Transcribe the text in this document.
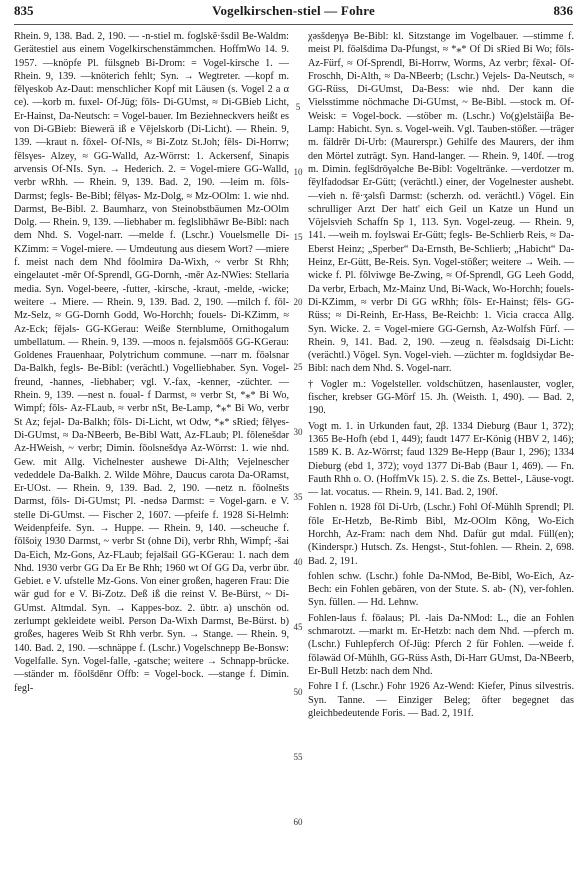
835	Vogelkirschen-stiel — Fohre	836

Rhein. 9, 138. Bad. 2, 190. — -n-stiel m. foglskĕ·šsdil Be-Waldm: Gerätestiel aus einem Vogelkirschenstämmchen. HoffmWo 14. 9. 1957. —knöpfe Pl. fülsgneb Bi-Drom: = Vogel-kirsche 1. — Rhein. 9, 139. —knöterich fehlt; Syn. → Wegtreter. —kopf m. fēlγeskob Az-Daut: menschlicher Kopf mit Läusen (s. Vogel 2 a α ce). —korb m. fuxel- Of-Jüg; fōls- Di-GUmst, ≈ Di-GBieb Licht, Er-Hainst, Da-Neutsch: = Vogel-bauer. Im Beziehneckvers heißt es von Di-GBieb: Biewerä iß e Vējelskorb (Di-Licht). — Rhein. 9, 139. —kraut n. fōxel- Of-NIs, ≈ Bi-Zotz St.Joh; fēls- Di-Horrw; fēlsγes- Alzey, ≈ GG-Walld, Az-Wörrst: 1. Ackersenf, Sinapis arvensis Of-NIs. Syn. → Hederich. 2. = Vogel-miere GG-Walld, verbr wRhh. — Rhein. 9, 139. Bad. 2, 190. —leim m. fōls- Darmst; fegls- Be-Bibl; fēlγəs- Mz-Dolg, ≈ Mz-OOlm: 1. wie nhd. Darmst, Be-Bibl. 2. Baumharz, von Steinobstbäumen Mz-OOlm Dolg. — Rhein. 9, 139. —liebhaber m. feglslibhāwr Be-Bibl: nach dem Nhd. S. Vogel-narr. —melde f. (Lschr.) Vouelsmelle Di-KZimm: = Vogel-miere. — Umdeutung aus diesem Wort? —miere f. meist nach dem Nhd fōolmirə Da-Wixh, ~ verbr St Rhh; eingelautet -mēr Of-Sprendl, GG-Dornh, -mēr Az-NWies: Stellaria media. Syn. Vogel-beere, -futter, -kirsche, -kraut, -melde, -wicke; weitere → Miere. — Rhein. 9, 139. Bad. 2, 190. —milch f. fōl- Mz-Selz, ≈ GG-Dornh Godd, Wo-Horchh; fouels- Di-KZimm, ≈ Az-Eck; fējəls- GG-KGerau: Weiße Sternblume, Ornithogalum umbellatum. — Rhein. 9, 139. —moos n. fejəlsmōōš GG-KGerau: Goldenes Frauenhaar, Polytrichum commune. —narr m. fōəlsnar Da-Balkh, fegls- Be-Bibl: (verächtl.) Vogelliebhaber. Syn. Vogel-freund, -hannes, -liebhaber; vgl. V.-fax, -kenner, -züchter. — Rhein. 9, 139. —nest n. fouəl- f Darmst, ≈ verbr St, *⁎* Bi Wo, Wimpf; fōls- Az-FLaub, ≈ verbr nSt, Be-Lamp, *⁎* Bi Wo, verbr St Az; fejəl- Da-Balkh; fōls- Di-Licht, wt Odw, *⁎* sRied; fēlγes- Di-GUmst, ≈ Da-NBeerb, Be-Bibl Watt, Az-FLaub; Pl. fōlenešdər Az-HWeish, ~ verbr; Dimin. fōolsnešdγə Az-Wörrst: 1. wie nhd. Gew. mit Allg. Vichelnester aushewe Di-Alth; Vejelnescher vededdele Da-Balkh. 2. Wilde Möhre, Daucus carota Da-ORamst, Er-UOst. — Rhein. 9, 139. Bad. 2, 190. —netz n. fōolnešts Darmst, fōls- Di-GUmst; Pl. -nedsə Darmst: = Vogel-garn. e V. stelle Di-GUmst. — Fischer 2, 1607. —pfeife f. 1928 Si-Helmh: Weidenpfeife. Syn. → Huppe. — Rhein. 9, 140. —scheuche f. fōlšoiχ 1930 Darmst, ~ verbr St (ohne Di), verbr Rhh, Wimpf; -šai Da-Eich, Mz-Gons, Az-FLaub; fejəlšail GG-KGerau: 1. nach dem Nhd. 1930 verbr GG Da Er Be Rhh; 1960 wt Of GG Da, verbr übr. Gebiet. e V. ufstelle Mz-Gons. Von einer großen, hageren Frau: Die wär gud for e V. Bi-Zotz. Deß iß die reinst V. Be-Bürst, ~ Di-GUmst. Altmdal. Syn. → Kappes-boz. 2. übtr. a) unschön od. zerlumpt gekleidete weibl. Person Da-Wixh Darmst, Be-Bürst. b) großes, hageres Weib St Rhh verbr. Syn. → Stange. — Rhein. 9, 140. Bad. 2, 190. —schnäppe f. (Lschr.) Vogelschnepp Be-Bonsw: Vogelfalle. Syn. Vogel-falle, -gatsche; weitere → Schnapp-brücke. —ständer m. fōolšdēnr Offb: = Vogel-bock. —stange f. Dimin. fegl-

5
10
15
20
25
30
35
40
45
50
55
60

χəsšdeŋγə Be-Bibl: kl. Sitzstange im Vogelbauer. —stimme f. meist Pl. fōəlšdimə Da-Pfungst, ≈ *⁎* Of Di sRied Bi Wo; fōls- Az-Fürf, ≈ Of-Sprendl, Bi-Horrw, Worms, Az verbr; fēxəl- Of-Froschh, Di-Alth, ≈ Da-NBeerb; (Lschr.) Vejels- Da-Neutsch, ≈ GG-Rüss, Di-GUmst, Da-Bess: wie nhd. Der kann die Vielsstimme nöchmache Di-GUmst, ~ Be-Bibl. —stock m. Of-Weisk: = Vogel-bock. —stöber m. (Lschr.) Vo(g)elstäiβa Be-Lamp: Habicht. Syn. s. Vogel-weih. Vgl. Tauben-stößer. —träger m. fäldrēr Di-Urb: (Maurerspr.) Gehilfe des Maurers, der ihm den Mörtel zuträgt. Syn. Hand-langer. — Rhein. 9, 140f. —trog m. Dimin. fegls̆drōγəlche Be-Bibl: Vogeltränke. —verdotzer m. fēylfadodsər Er-Gütt; (verächtl.) einer, der Vogelnester aushebt. —vieh n. fē·ʒəlsfi Darmst: (scherzh. od. verächtl.) Vögel. Ein schrulliger Arzt Der hatt' eich Geil un Katze un Hund un Vöjelsvieh Schaffn Sp 1, 113. Syn. Vogel-zeug. — Rhein. 9, 141. —weih m. foylswai Er-Gütt; fegls- Be-Schlierb Reis, ≈ Da-Eberst Heinz; „Sperber“ Da-Ernsth, Be-Schlierb; „Habicht“ Da-Heinz, Er-Gütt, Be-Reis. Syn. Vogel-stößer; weitere → Weih. —wicke f. Pl. fōlviwge Be-Zwing, ≈ Of-Sprendl, GG Leeh Godd, Da verbr, Erbach, Mz-Mainz Und, Bi-Wack, Wo-Horchh; fouels- Di-KZimm, ≈ verbr Di GG wRhh; fōls- Er-Hainst; fēls- GG-Rüss; ≈ Di-Reinh, Er-Hass, Be-Reichb: 1. Vicia cracca Allg. Syn. Wicke. 2. = Vogel-miere GG-Gernsh, Az-Wolfsh Fürf. — Rhein. 9, 141. Bad. 2, 190. —zeug n. fēəlsdsaig Di-Licht: (verächtl.) Vögel. Syn. Vogel-vieh. —züchter m. fogldsiχdər Be-Bibl: nach dem Nhd. S. Vogel-narr.

† Vogler m.: Vogelsteller. voldschützen, hasenlauster, vogler, fischer, krebser GG-Mörf 15. Jh. (Weisth. 1, 490). — Bad. 2, 190.

Vogt m. 1. in Urkunden faut, 2β. 1334 Dieburg (Baur 1, 372); 1365 Be-Hofh (ebd 1, 449); faudt 1477 Er-König (HBV 2, 146); 1589 K. B. Az-Wörrst; faud 1329 Be-Hepp (Baur 1, 296); 1334 Dieburg (ebd 1, 372); voyd 1377 Di-Bab (Baur 1, 469). — Fn. Fauth Rhh o. O. (HoffmVk 15). 2. S. die Zs. Bettel-, Läuse-vogt. — lat. vocatus. — Rhein. 9, 141. Bad. 2, 190f.

Fohlen n. 1928 fōl Di-Urb, (Lschr.) Fohl Of-Mühlh Sprendl; Pl. fōle Er-Hetzb, Be-Rimb Bibl, Mz-OOlm Kōng, Wo-Eich Horchh, Az-Fram: nach dem Nhd. Dafür gut mdal. Füll(en); (Kinderspr.) Hutsch. Zs. Hengst-, Stut-fohlen. — Rhein. 2, 698. Bad. 2, 191.

fohlen schw. (Lschr.) fohle Da-NMod, Be-Bibl, Wo-Eich, Az-Bech: ein Fohlen gebären, von der Stute. S. ab- (N), ver-fohlen. Syn. füllen. — Hd. Lehnw.

Fohlen-laus f. fōəlaus; Pl. -lais Da-NMod: L., die an Fohlen schmarotzt. —markt m. Er-Hetzb: nach dem Nhd. —pferch m. (Lschr.) Fuhlepferch Of-Jüg: Pferch 2 für Fohlen. —weide f. fōləwäd Of-Mühlh, GG-Rüss Asth, Di-Harr GUmst, Da-NBeerb, Er-Bull Hetzb: nach dem Nhd.

Fohre I f. (Lschr.) Fohr 1926 Az-Wend: Kiefer, Pinus silvestris. Syn. Tanne. — Einziger Beleg; öfter begegnet das gleichbedeutende Foris. — Bad. 2, 191f.
